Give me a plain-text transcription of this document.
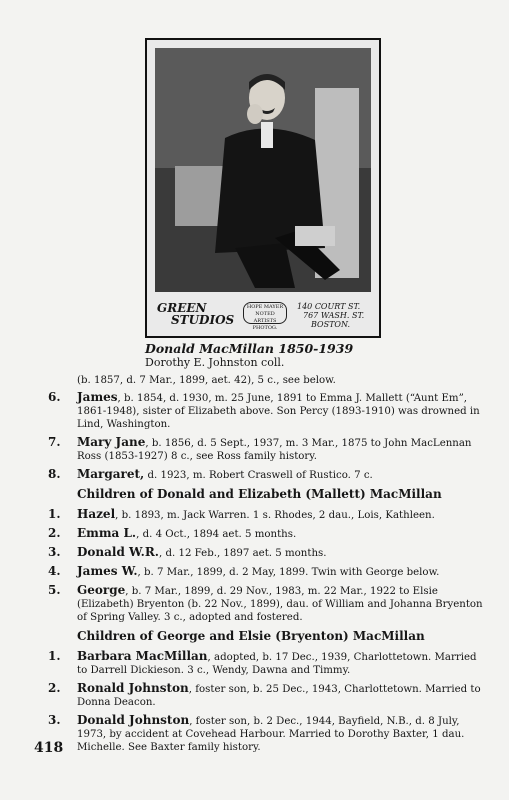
GREEN
STUDIOS
HOPE MAYER
NOTED ARTISTS
PHOTOG.
140 COURT ST.
767 WASH. ST.
BOSTON.
Donald MacMillan 1850-1939
Dorothy E. Johnston coll.
(b. 1857, d. 7 Mar., 1899, aet. 42), 5 c., see below.
6. James, b. 1854, d. 1930, m. 25 June, 1891 to Emma J. Mallett (“Aunt Em”, 1861-1948), sister of Elizabeth above. Son Percy (1893-1910) was drowned in Lind, Washington.
7. Mary Jane, b. 1856, d. 5 Sept., 1937, m. 3 Mar., 1875 to John MacLennan Ross (1853-1927) 8 c., see Ross family history.
8. Margaret, d. 1923, m. Robert Craswell of Rustico. 7 c.
Children of Donald and Elizabeth (Mallett) MacMillan
1. Hazel, b. 1893, m. Jack Warren. 1 s. Rhodes, 2 dau., Lois, Kathleen.
2. Emma L., d. 4 Oct., 1894 aet. 5 months.
3. Donald W.R., d. 12 Feb., 1897 aet. 5 months.
4. James W., b. 7 Mar., 1899, d. 2 May, 1899. Twin with George below.
5. George, b. 7 Mar., 1899, d. 29 Nov., 1983, m. 22 Mar., 1922 to Elsie (Elizabeth) Bryenton (b. 22 Nov., 1899), dau. of William and Johanna Bryenton of Spring Valley. 3 c., adopted and fostered.
Children of George and Elsie (Bryenton) MacMillan
1. Barbara MacMillan, adopted, b. 17 Dec., 1939, Charlottetown. Married to Darrell Dickieson. 3 c., Wendy, Dawna and Timmy.
2. Ronald Johnston, foster son, b. 25 Dec., 1943, Charlottetown. Married to Donna Deacon.
3. Donald Johnston, foster son, b. 2 Dec., 1944, Bayfield, N.B., d. 8 July, 1973, by accident at Covehead Harbour. Married to Dorothy Baxter, 1 dau. Michelle. See Baxter family history.
418
